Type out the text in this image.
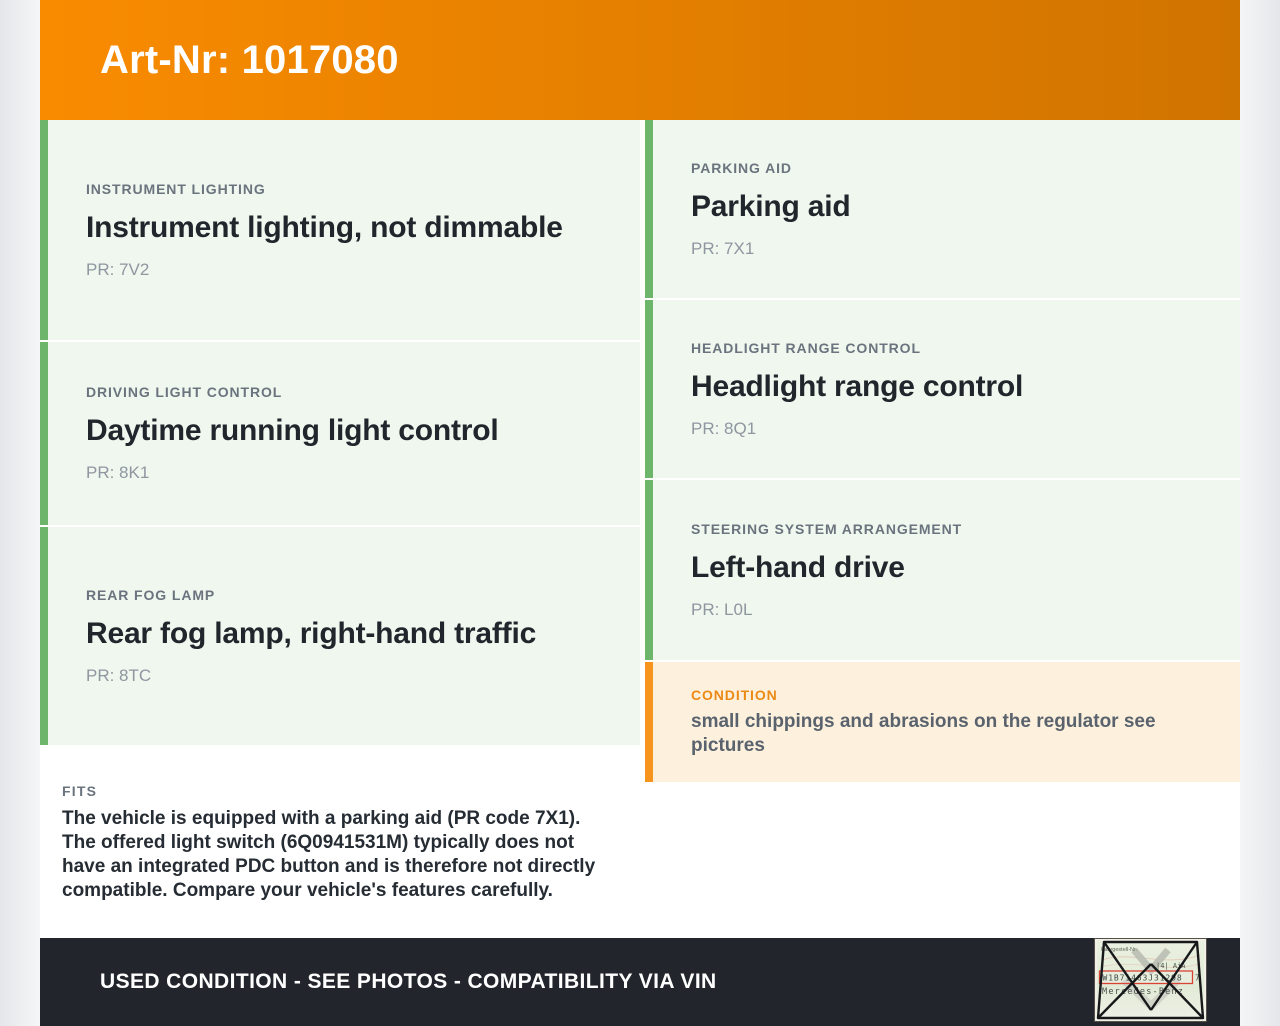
Art-Nr: 1017080
INSTRUMENT LIGHTING
Instrument lighting, not dimmable
PR: 7V2
DRIVING LIGHT CONTROL
Daytime running light control
PR: 8K1
REAR FOG LAMP
Rear fog lamp, right-hand traffic
PR: 8TC
FITS
The vehicle is equipped with a parking aid (PR code 7X1). The offered light switch (6Q0941531M) typically does not have an integrated PDC button and is therefore not directly compatible. Compare your vehicle's features carefully.
PARKING AID
Parking aid
PR: 7X1
HEADLIGHT RANGE CONTROL
Headlight range control
PR: 8Q1
STEERING SYSTEM ARRANGEMENT
Left-hand drive
PR: L0L
CONDITION
small chippings and abrasions on the regulator see pictures
USED CONDITION - SEE PHOTOS - COMPATIBILITY VIA VIN
Fahrgestell-Nr.
|4| AiA
W1B71463J31298 7
Mercedes-Benz
